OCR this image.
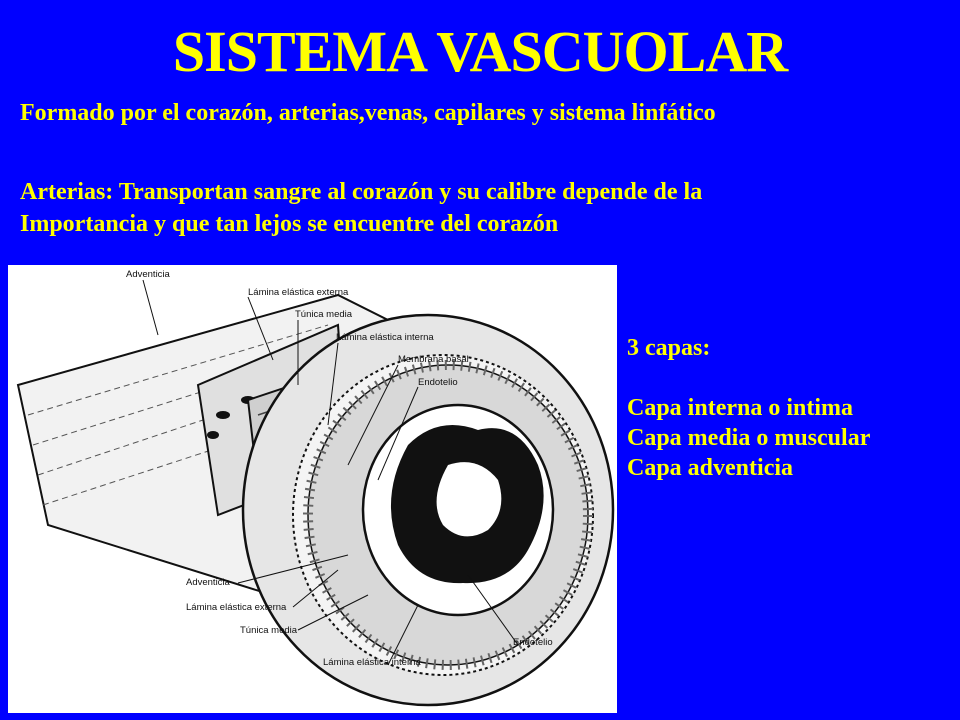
SISTEMA VASCUOLAR

Formado por el corazón, arterias,venas, capilares y sistema linfático

Arterias: Transportan sangre al corazón y su calibre depende de la
Importancia y que tan lejos se encuentre del corazón
Adventicia
Lámina elástica externa
Túnica media
Lámina elástica interna
Membrana basal
Endotelio
Adventicia
Lámina elástica externa
Túnica media
Lámina elástica interna
Endotelio
3 capas:
Capa interna o intima
Capa media o muscular
Capa adventicia
